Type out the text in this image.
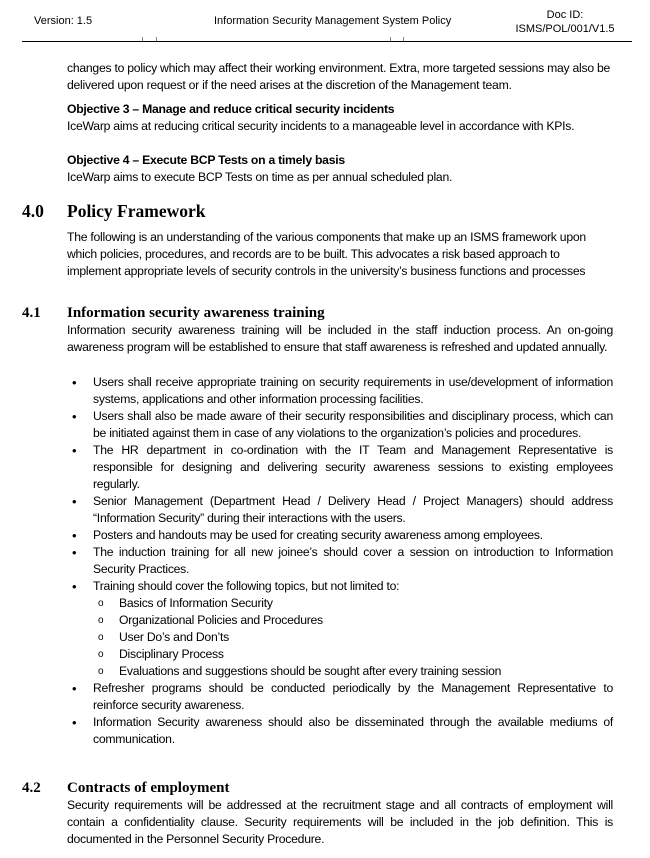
Version: 1.5	Information Security Management System Policy	Doc ID:
ISMS/POL/001/V1.5
changes to policy which may affect their working environment. Extra, more targeted sessions may also be delivered upon request or if the need arises at the discretion of the Management team.
Objective 3 – Manage and reduce critical security incidents
IceWarp aims at reducing critical security incidents to a manageable level in accordance with KPIs.
Objective 4 – Execute BCP Tests on a timely basis
IceWarp aims to execute BCP Tests on time as per annual scheduled plan.
4.0	Policy Framework
The following is an understanding of the various components that make up an ISMS framework upon which policies, procedures, and records are to be built. This advocates a risk based approach to implement appropriate levels of security controls in the university’s business functions and processes
4.1	Information security awareness training
Information security awareness training will be included in the staff induction process. An on-going awareness program will be established to ensure that staff awareness is refreshed and updated annually.
• Users shall receive appropriate training on security requirements in use/development of information systems, applications and other information processing facilities.
• Users shall also be made aware of their security responsibilities and disciplinary process, which can be initiated against them in case of any violations to the organization’s policies and procedures.
• The HR department in co-ordination with the IT Team and Management Representative is responsible for designing and delivering security awareness sessions to existing employees regularly.
• Senior Management (Department Head / Delivery Head / Project Managers) should address “Information Security” during their interactions with the users.
• Posters and handouts may be used for creating security awareness among employees.
• The induction training for all new joinee’s should cover a session on introduction to Information Security Practices.
• Training should cover the following topics, but not limited to:
o Basics of Information Security
o Organizational Policies and Procedures
o User Do’s and Don’ts
o Disciplinary Process
o Evaluations and suggestions should be sought after every training session
• Refresher programs should be conducted periodically by the Management Representative to reinforce security awareness.
• Information Security awareness should also be disseminated through the available mediums of communication.
4.2	Contracts of employment
Security requirements will be addressed at the recruitment stage and all contracts of employment will contain a confidentiality clause. Security requirements will be included in the job definition. This is documented in the Personnel Security Procedure.
